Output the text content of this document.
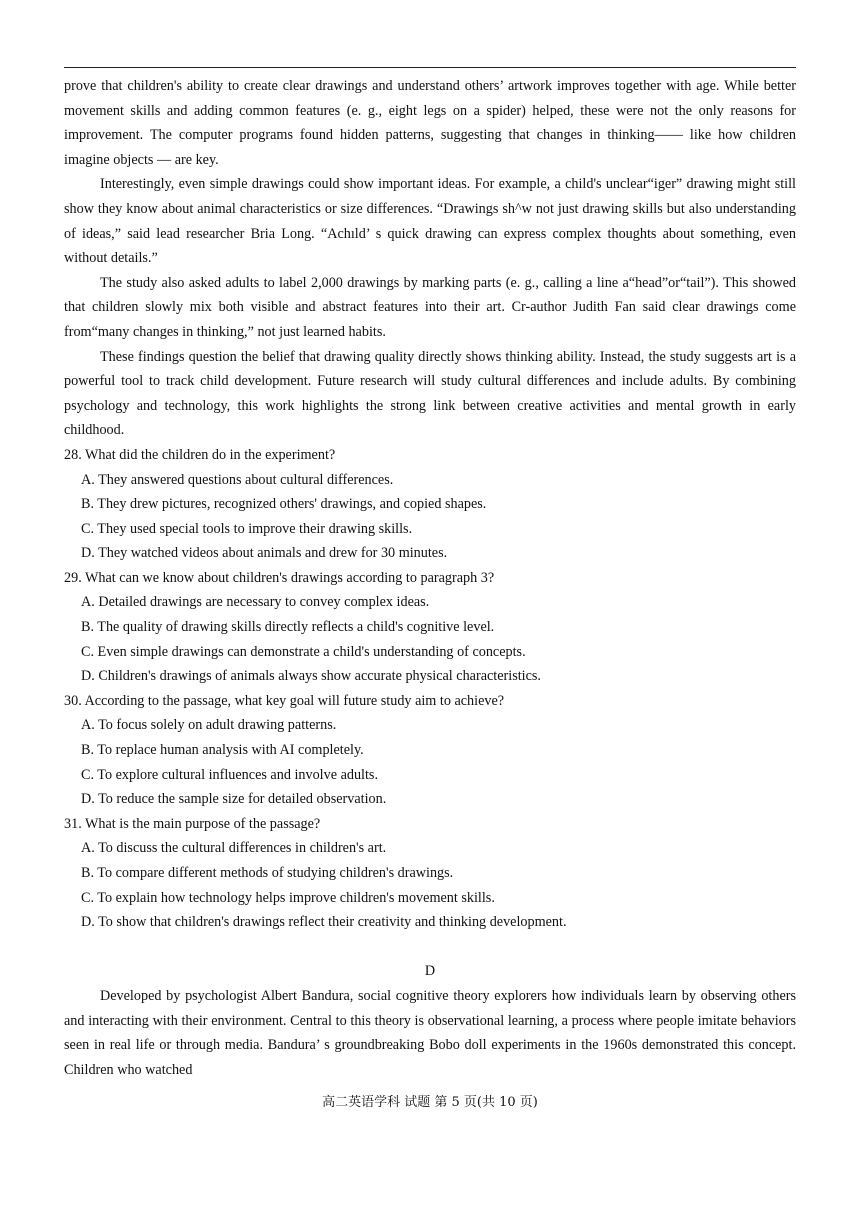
prove that children's ability to create clear drawings and understand others’ artwork improves together with age. While better movement skills and adding common features (e. g., eight legs on a spider) helped, these were not the only reasons for improvement. The computer programs found hidden patterns, suggesting that changes in thinking—— like how children imagine objects — are key.

Interestingly, even simple drawings could show important ideas. For example, a child's unclear“iger” drawing might still show they know about animal characteristics or size differences. “Drawings sh^w not just drawing skills but also understanding of ideas,” said lead researcher Bria Long. “Achıld’ s quick drawing can express complex thoughts about something, even without details.”

The study also asked adults to label 2,000 drawings by marking parts (e. g., calling a line a“head”or“tail”). This showed that children slowly mix both visible and abstract features into their art. Cr-author Judith Fan said clear drawings come from“many changes in thinking,” not just learned habits.

These findings question the belief that drawing quality directly shows thinking ability. Instead, the study suggests art is a powerful tool to track child development. Future research will study cultural differences and include adults. By combining psychology and technology, this work highlights the strong link between creative activities and mental growth in early childhood.

28. What did the children do in the experiment?

A. They answered questions about cultural differences.

B. They drew pictures, recognized others' drawings, and copied shapes.

C. They used special tools to improve their drawing skills.

D. They watched videos about animals and drew for 30 minutes.

29. What can we know about children's drawings according to paragraph 3?

A. Detailed drawings are necessary to convey complex ideas.

B. The quality of drawing skills directly reflects a child's cognitive level.

C. Even simple drawings can demonstrate a child's understanding of concepts.

D. Children's drawings of animals always show accurate physical characteristics.

30. According to the passage, what key goal will future study aim to achieve?

A. To focus solely on adult drawing patterns.

B. To replace human analysis with AI completely.

C. To explore cultural influences and involve adults.

D. To reduce the sample size for detailed observation.

31. What is the main purpose of the passage?

A. To discuss the cultural differences in children's art.

B. To compare different methods of studying children's drawings.

C. To explain how technology helps improve children's movement skills.

D. To show that children's drawings reflect their creativity and thinking development.

D

Developed by psychologist Albert Bandura, social cognitive theory explorers how individuals learn by observing others and interacting with their environment. Central to this theory is observational learning, a process where people imitate behaviors seen in real life or through media. Bandura’ s groundbreaking Bobo doll experiments in the 1960s demonstrated this concept. Children who watched

高二英语学科 试题 第 5 页(共 10 页)
